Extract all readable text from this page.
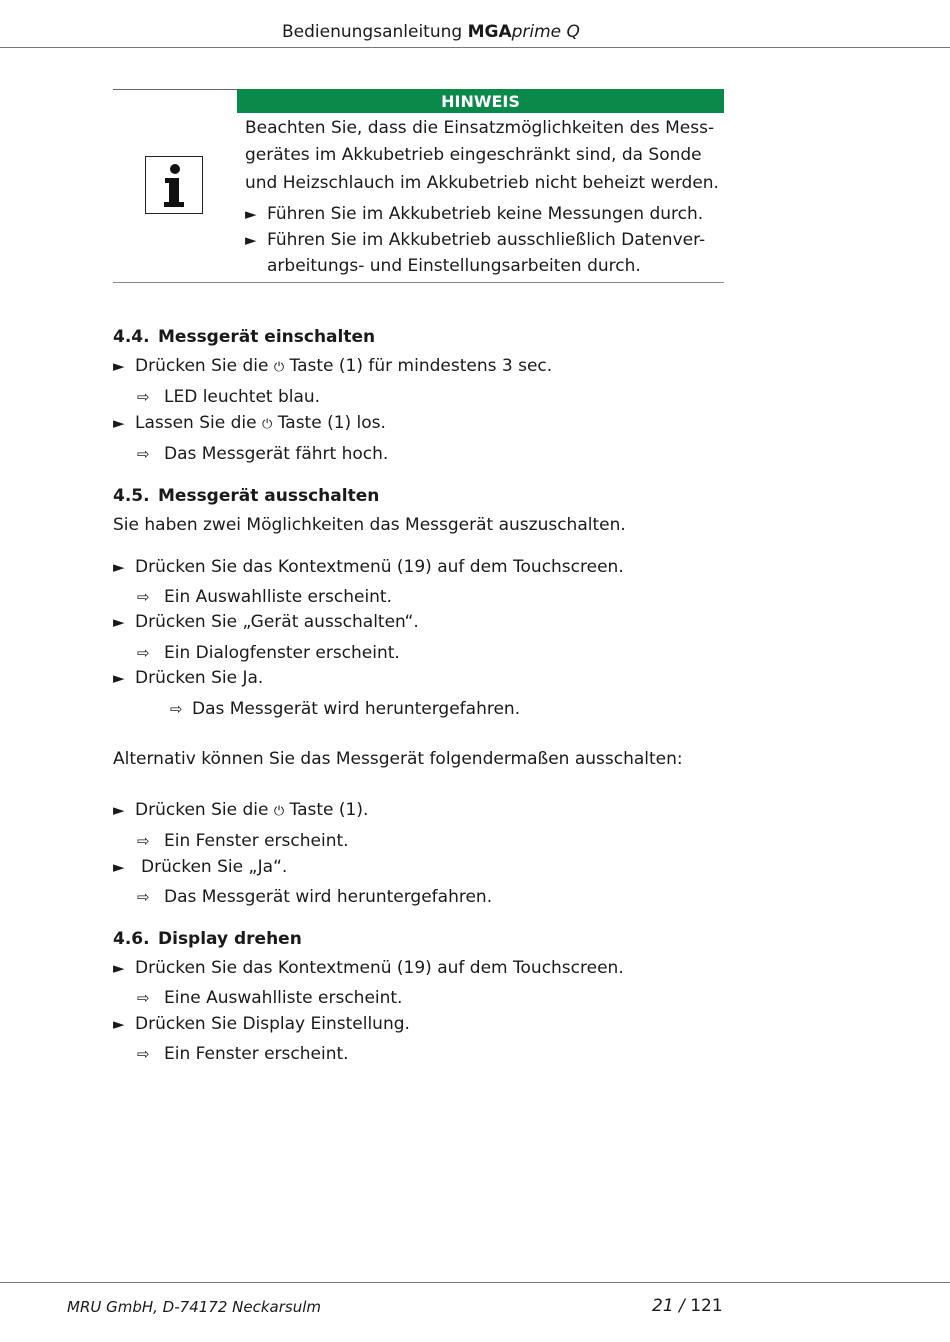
Bedienungsanleitung MGAprime Q
HINWEIS
Beachten Sie, dass die Einsatzmöglichkeiten des Mess-
gerätes im Akkubetrieb eingeschränkt sind, da Sonde
und Heizschlauch im Akkubetrieb nicht beheizt werden.
► Führen Sie im Akkubetrieb keine Messungen durch.
► Führen Sie im Akkubetrieb ausschließlich Datenver-
arbeitungs- und Einstellungsarbeiten durch.
4.4. Messgerät einschalten
► Drücken Sie die ⏻ Taste (1) für mindestens 3 sec.
⇨ LED leuchtet blau.
► Lassen Sie die ⏻ Taste (1) los.
⇨ Das Messgerät fährt hoch.
4.5. Messgerät ausschalten
Sie haben zwei Möglichkeiten das Messgerät auszuschalten.
► Drücken Sie das Kontextmenü (19) auf dem Touchscreen.
⇨ Ein Auswahlliste erscheint.
► Drücken Sie „Gerät ausschalten“.
⇨ Ein Dialogfenster erscheint.
► Drücken Sie Ja.
⇨ Das Messgerät wird heruntergefahren.
Alternativ können Sie das Messgerät folgendermaßen ausschalten:
► Drücken Sie die ⏻ Taste (1).
⇨ Ein Fenster erscheint.
► Drücken Sie „Ja“.
⇨ Das Messgerät wird heruntergefahren.
4.6. Display drehen
► Drücken Sie das Kontextmenü (19) auf dem Touchscreen.
⇨ Eine Auswahlliste erscheint.
► Drücken Sie Display Einstellung.
⇨ Ein Fenster erscheint.
MRU GmbH, D-74172 Neckarsulm	21 / 121
